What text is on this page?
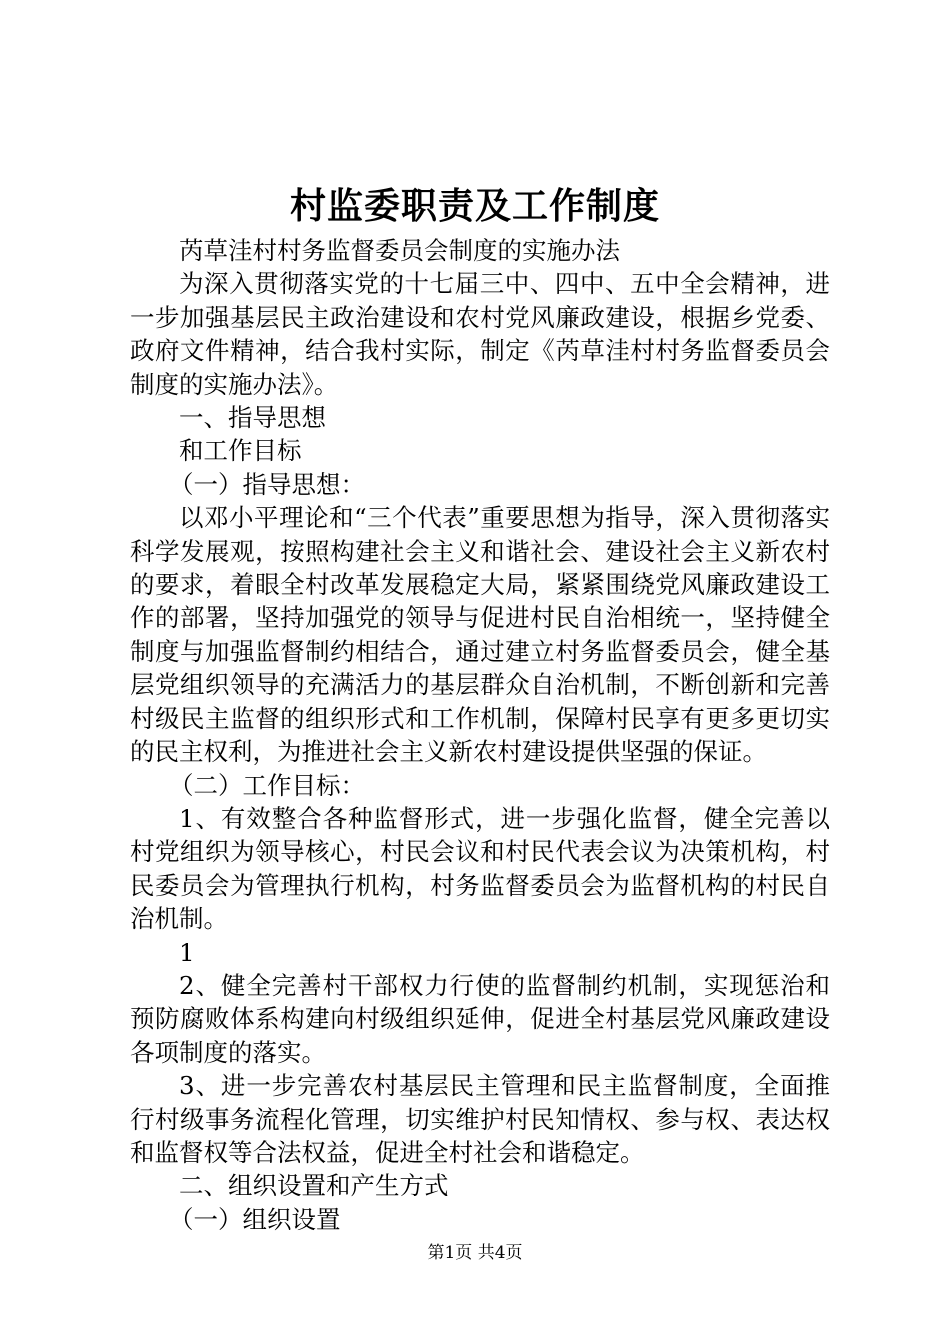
村监委职责及工作制度

芮草洼村村务监督委员会制度的实施办法

为深入贯彻落实党的十七届三中、四中、五中全会精神，进一步加强基层民主政治建设和农村党风廉政建设，根据乡党委、政府文件精神，结合我村实际，制定《芮草洼村村务监督委员会制度的实施办法》。

一、指导思想

和工作目标

（一）指导思想：

以邓小平理论和“三个代表”重要思想为指导，深入贯彻落实科学发展观，按照构建社会主义和谐社会、建设社会主义新农村的要求，着眼全村改革发展稳定大局，紧紧围绕党风廉政建设工作的部署，坚持加强党的领导与促进村民自治相统一，坚持健全制度与加强监督制约相结合，通过建立村务监督委员会，健全基层党组织领导的充满活力的基层群众自治机制，不断创新和完善村级民主监督的组织形式和工作机制，保障村民享有更多更切实的民主权利，为推进社会主义新农村建设提供坚强的保证。

（二）工作目标：

1、有效整合各种监督形式，进一步强化监督，健全完善以村党组织为领导核心，村民会议和村民代表会议为决策机构，村民委员会为管理执行机构，村务监督委员会为监督机构的村民自治机制。

1

2、健全完善村干部权力行使的监督制约机制，实现惩治和预防腐败体系构建向村级组织延伸，促进全村基层党风廉政建设各项制度的落实。

3、进一步完善农村基层民主管理和民主监督制度，全面推行村级事务流程化管理，切实维护村民知情权、参与权、表达权和监督权等合法权益，促进全村社会和谐稳定。

二、组织设置和产生方式

（一）组织设置

第1页 共4页
